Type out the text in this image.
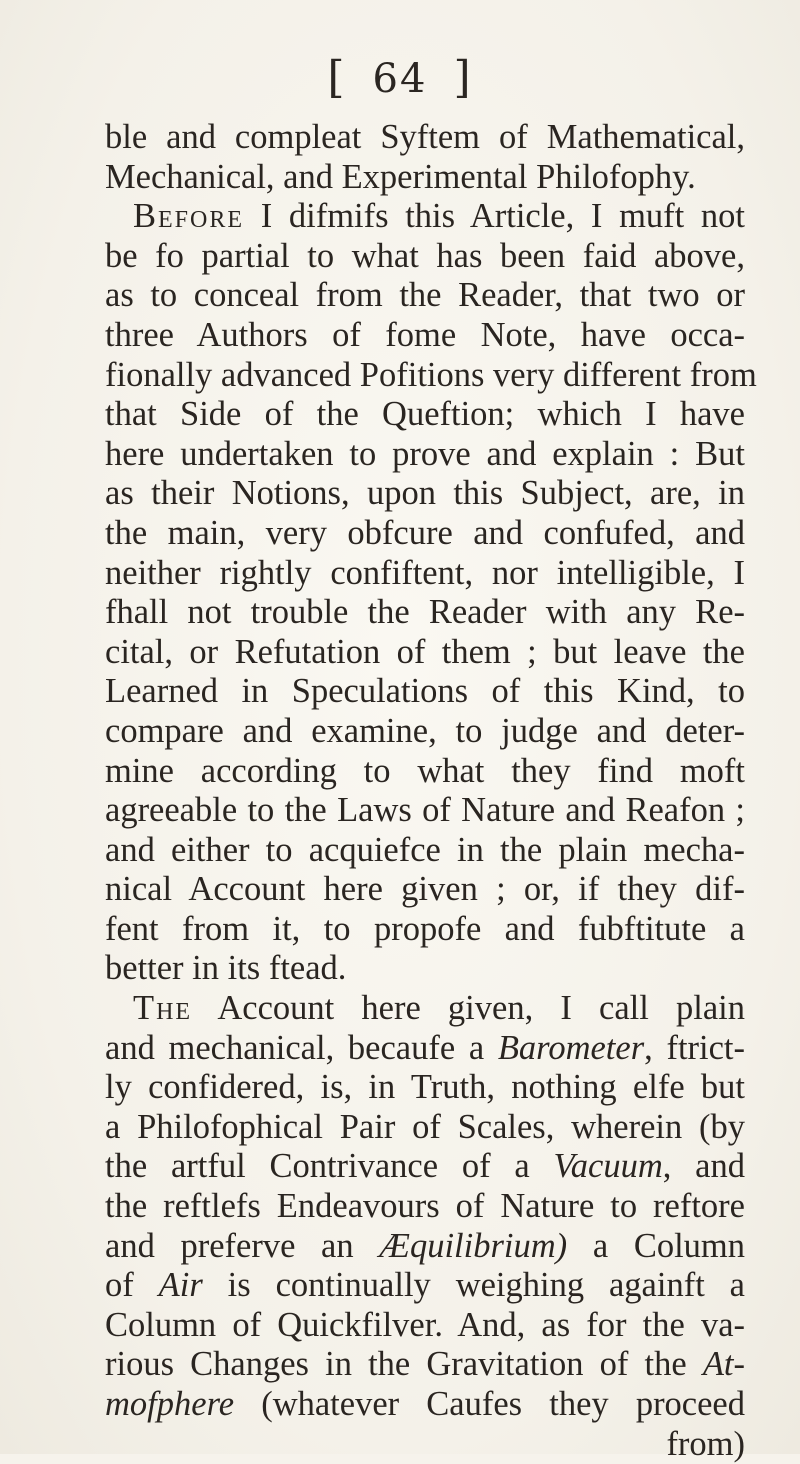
[ 64 ]
ble and compleat Syftem of Mathematical,
Mechanical, and Experimental Philofophy.
Before I difmifs this Article, I muft not
be fo partial to what has been faid above,
as to conceal from the Reader, that two or
three Authors of fome Note, have occa-
fionally advanced Pofitions very different from
that Side of the Queftion; which I have
here undertaken to prove and explain : But
as their Notions, upon this Subject, are, in
the main, very obfcure and confufed, and
neither rightly confiftent, nor intelligible, I
fhall not trouble the Reader with any Re-
cital, or Refutation of them ; but leave the
Learned in Speculations of this Kind, to
compare and examine, to judge and deter-
mine according to what they find moft
agreeable to the Laws of Nature and Reafon ;
and either to acquiefce in the plain mecha-
nical Account here given ; or, if they dif-
fent from it, to propofe and fubftitute a
better in its ftead.
The Account here given, I call plain
and mechanical, becaufe a Barometer, ftrict-
ly confidered, is, in Truth, nothing elfe but
a Philofophical Pair of Scales, wherein (by
the artful Contrivance of a Vacuum, and
the reftlefs Endeavours of Nature to reftore
and preferve an Æquilibrium) a Column
of Air is continually weighing againft a
Column of Quickfilver. And, as for the va-
rious Changes in the Gravitation of the At-
mofphere (whatever Caufes they proceed
from)
